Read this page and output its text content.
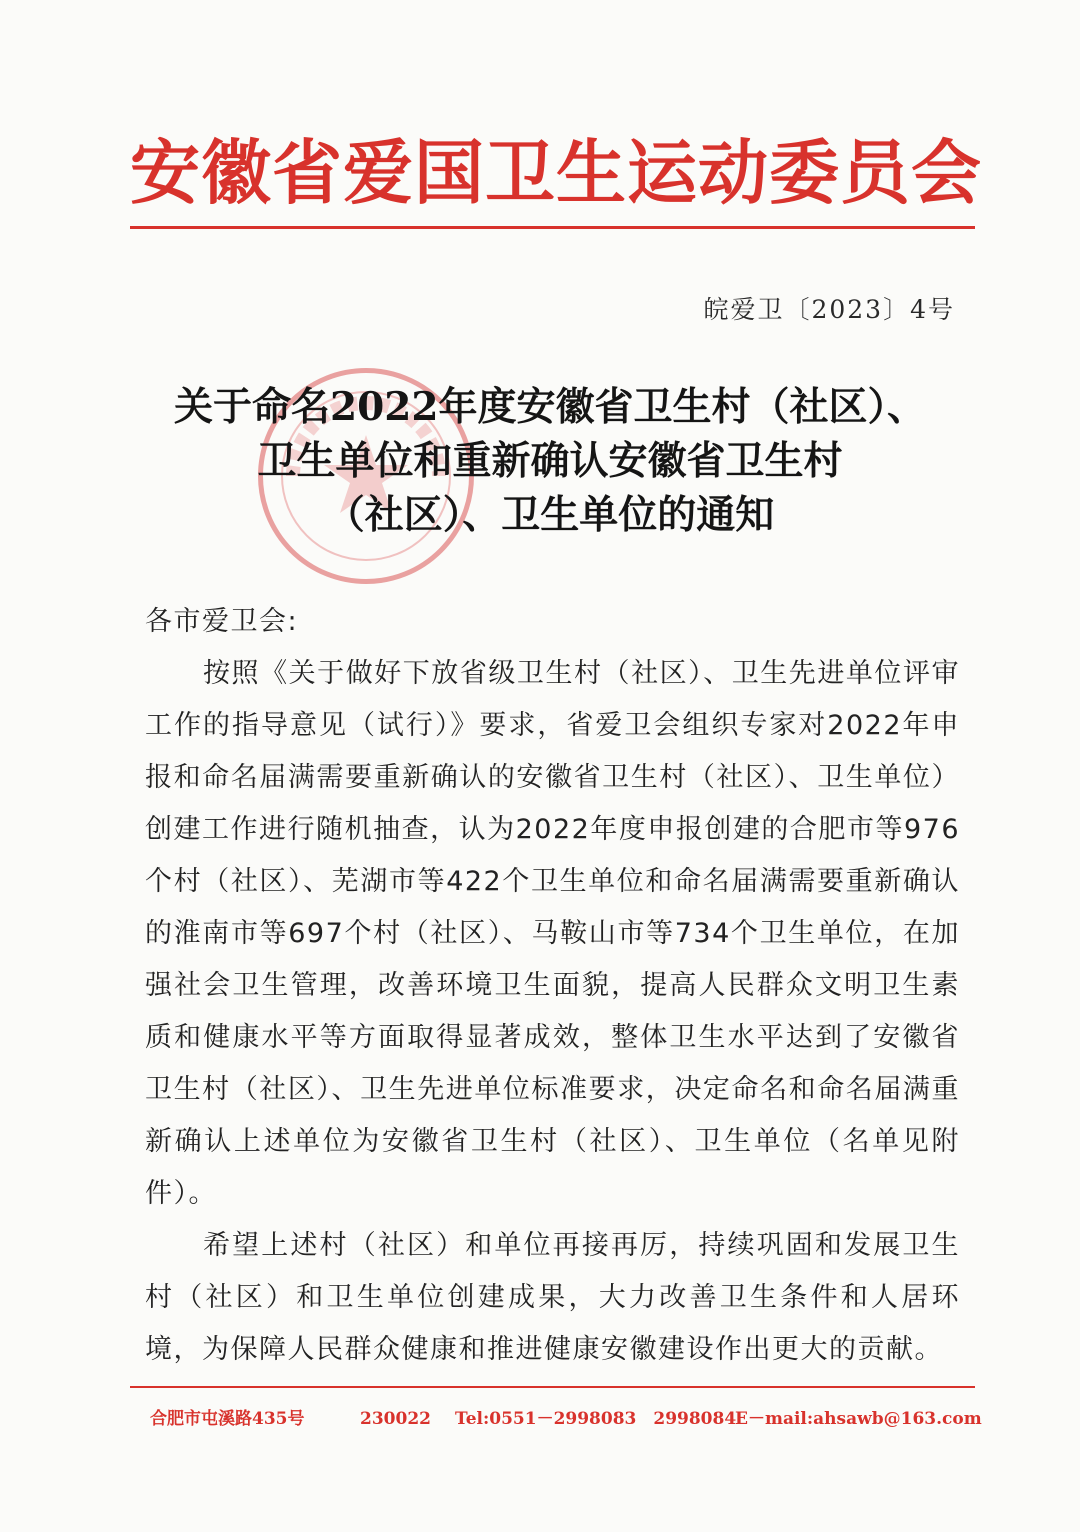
安徽省爱国卫生运动委员会
皖爱卫〔2023〕4号
关于命名2022年度安徽省卫生村（社区）、
卫生单位和重新确认安徽省卫生村
（社区）、卫生单位的通知

各市爱卫会:

按照《关于做好下放省级卫生村（社区）、卫生先进单位评审工作的指导意见（试行）》要求，省爱卫会组织专家对2022年申报和命名届满需要重新确认的安徽省卫生村（社区）、卫生单位）创建工作进行随机抽查，认为2022年度申报创建的合肥市等976个村（社区）、芜湖市等422个卫生单位和命名届满需要重新确认的淮南市等697个村（社区）、马鞍山市等734个卫生单位，在加强社会卫生管理，改善环境卫生面貌，提高人民群众文明卫生素质和健康水平等方面取得显著成效，整体卫生水平达到了安徽省卫生村（社区）、卫生先进单位标准要求，决定命名和命名届满重新确认上述单位为安徽省卫生村（社区）、卫生单位（名单见附件）。

希望上述村（社区）和单位再接再厉，持续巩固和发展卫生村（社区）和卫生单位创建成果，大力改善卫生条件和人居环境，为保障人民群众健康和推进健康安徽建设作出更大的贡献。

合肥市屯溪路435号	230022 Tel:0551－2998083　2998084
E－mail:ahsawb@163.com
